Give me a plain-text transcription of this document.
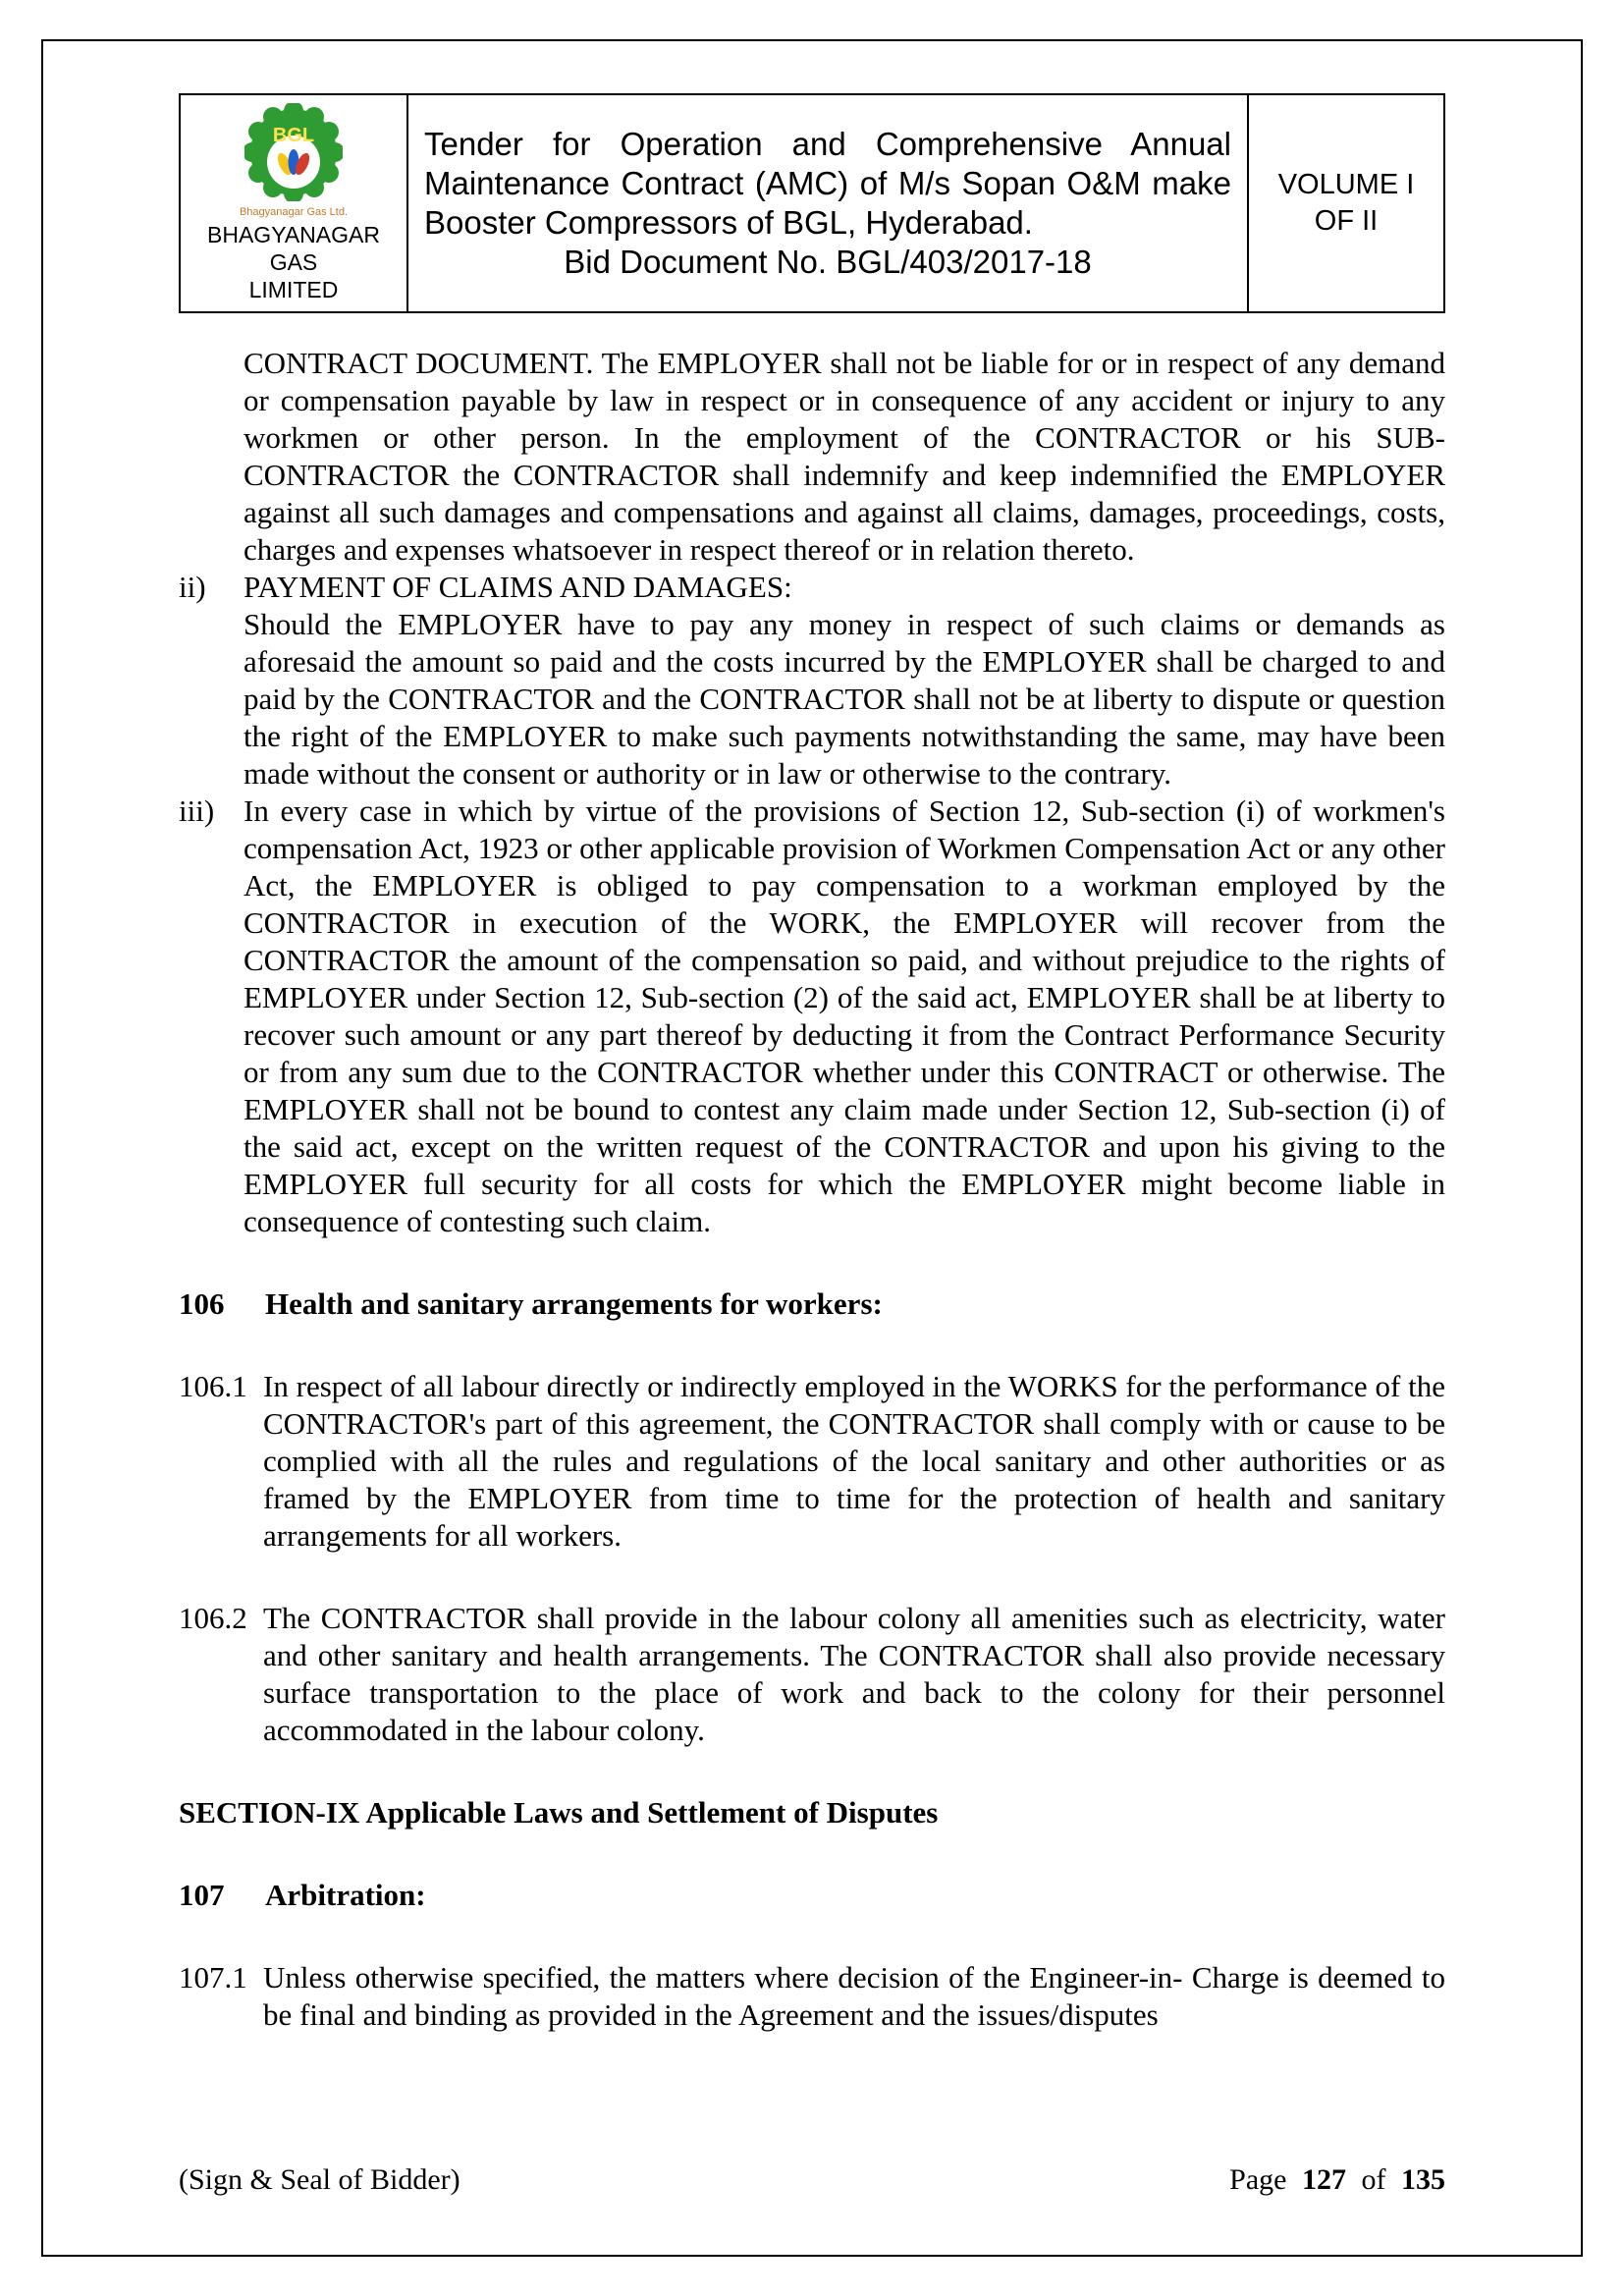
BGL
Bhagyanagar Gas Ltd.
BHAGYANAGAR GAS
LIMITED

Tender for Operation and Comprehensive Annual Maintenance Contract (AMC) of M/s Sopan O&M make Booster Compressors of BGL, Hyderabad.
Bid Document No. BGL/403/2017-18

VOLUME I
OF II

CONTRACT DOCUMENT. The EMPLOYER shall not be liable for or in respect of any demand or compensation payable by law in respect or in consequence of any accident or injury to any workmen or other person. In the employment of the CONTRACTOR or his SUB-CONTRACTOR the CONTRACTOR shall indemnify and keep indemnified the EMPLOYER against all such damages and compensations and against all claims, damages, proceedings, costs, charges and expenses whatsoever in respect thereof or in relation thereto.

ii) PAYMENT OF CLAIMS AND DAMAGES:

Should the EMPLOYER have to pay any money in respect of such claims or demands as aforesaid the amount so paid and the costs incurred by the EMPLOYER shall be charged to and paid by the CONTRACTOR and the CONTRACTOR shall not be at liberty to dispute or question the right of the EMPLOYER to make such payments notwithstanding the same, may have been made without the consent or authority or in law or otherwise to the contrary.

iii) In every case in which by virtue of the provisions of Section 12, Sub-section (i) of workmen's compensation Act, 1923 or other applicable provision of Workmen Compensation Act or any other Act, the EMPLOYER is obliged to pay compensation to a workman employed by the CONTRACTOR in execution of the WORK, the EMPLOYER will recover from the CONTRACTOR the amount of the compensation so paid, and without prejudice to the rights of EMPLOYER under Section 12, Sub-section (2) of the said act, EMPLOYER shall be at liberty to recover such amount or any part thereof by deducting it from the Contract Performance Security or from any sum due to the CONTRACTOR whether under this CONTRACT or otherwise. The EMPLOYER shall not be bound to contest any claim made under Section 12, Sub-section (i) of the said act, except on the written request of the CONTRACTOR and upon his giving to the EMPLOYER full security for all costs for which the EMPLOYER might become liable in consequence of contesting such claim.

106 Health and sanitary arrangements for workers:
106.1 In respect of all labour directly or indirectly employed in the WORKS for the performance of the CONTRACTOR's part of this agreement, the CONTRACTOR shall comply with or cause to be complied with all the rules and regulations of the local sanitary and other authorities or as framed by the EMPLOYER from time to time for the protection of health and sanitary arrangements for all workers.

106.2 The CONTRACTOR shall provide in the labour colony all amenities such as electricity, water and other sanitary and health arrangements. The CONTRACTOR shall also provide necessary surface transportation to the place of work and back to the colony for their personnel accommodated in the labour colony.

SECTION-IX Applicable Laws and Settlement of Disputes
107 Arbitration:
107.1 Unless otherwise specified, the matters where decision of the Engineer-in- Charge is deemed to be final and binding as provided in the Agreement and the issues/disputes

(Sign & Seal of Bidder)	Page 127 of 135
